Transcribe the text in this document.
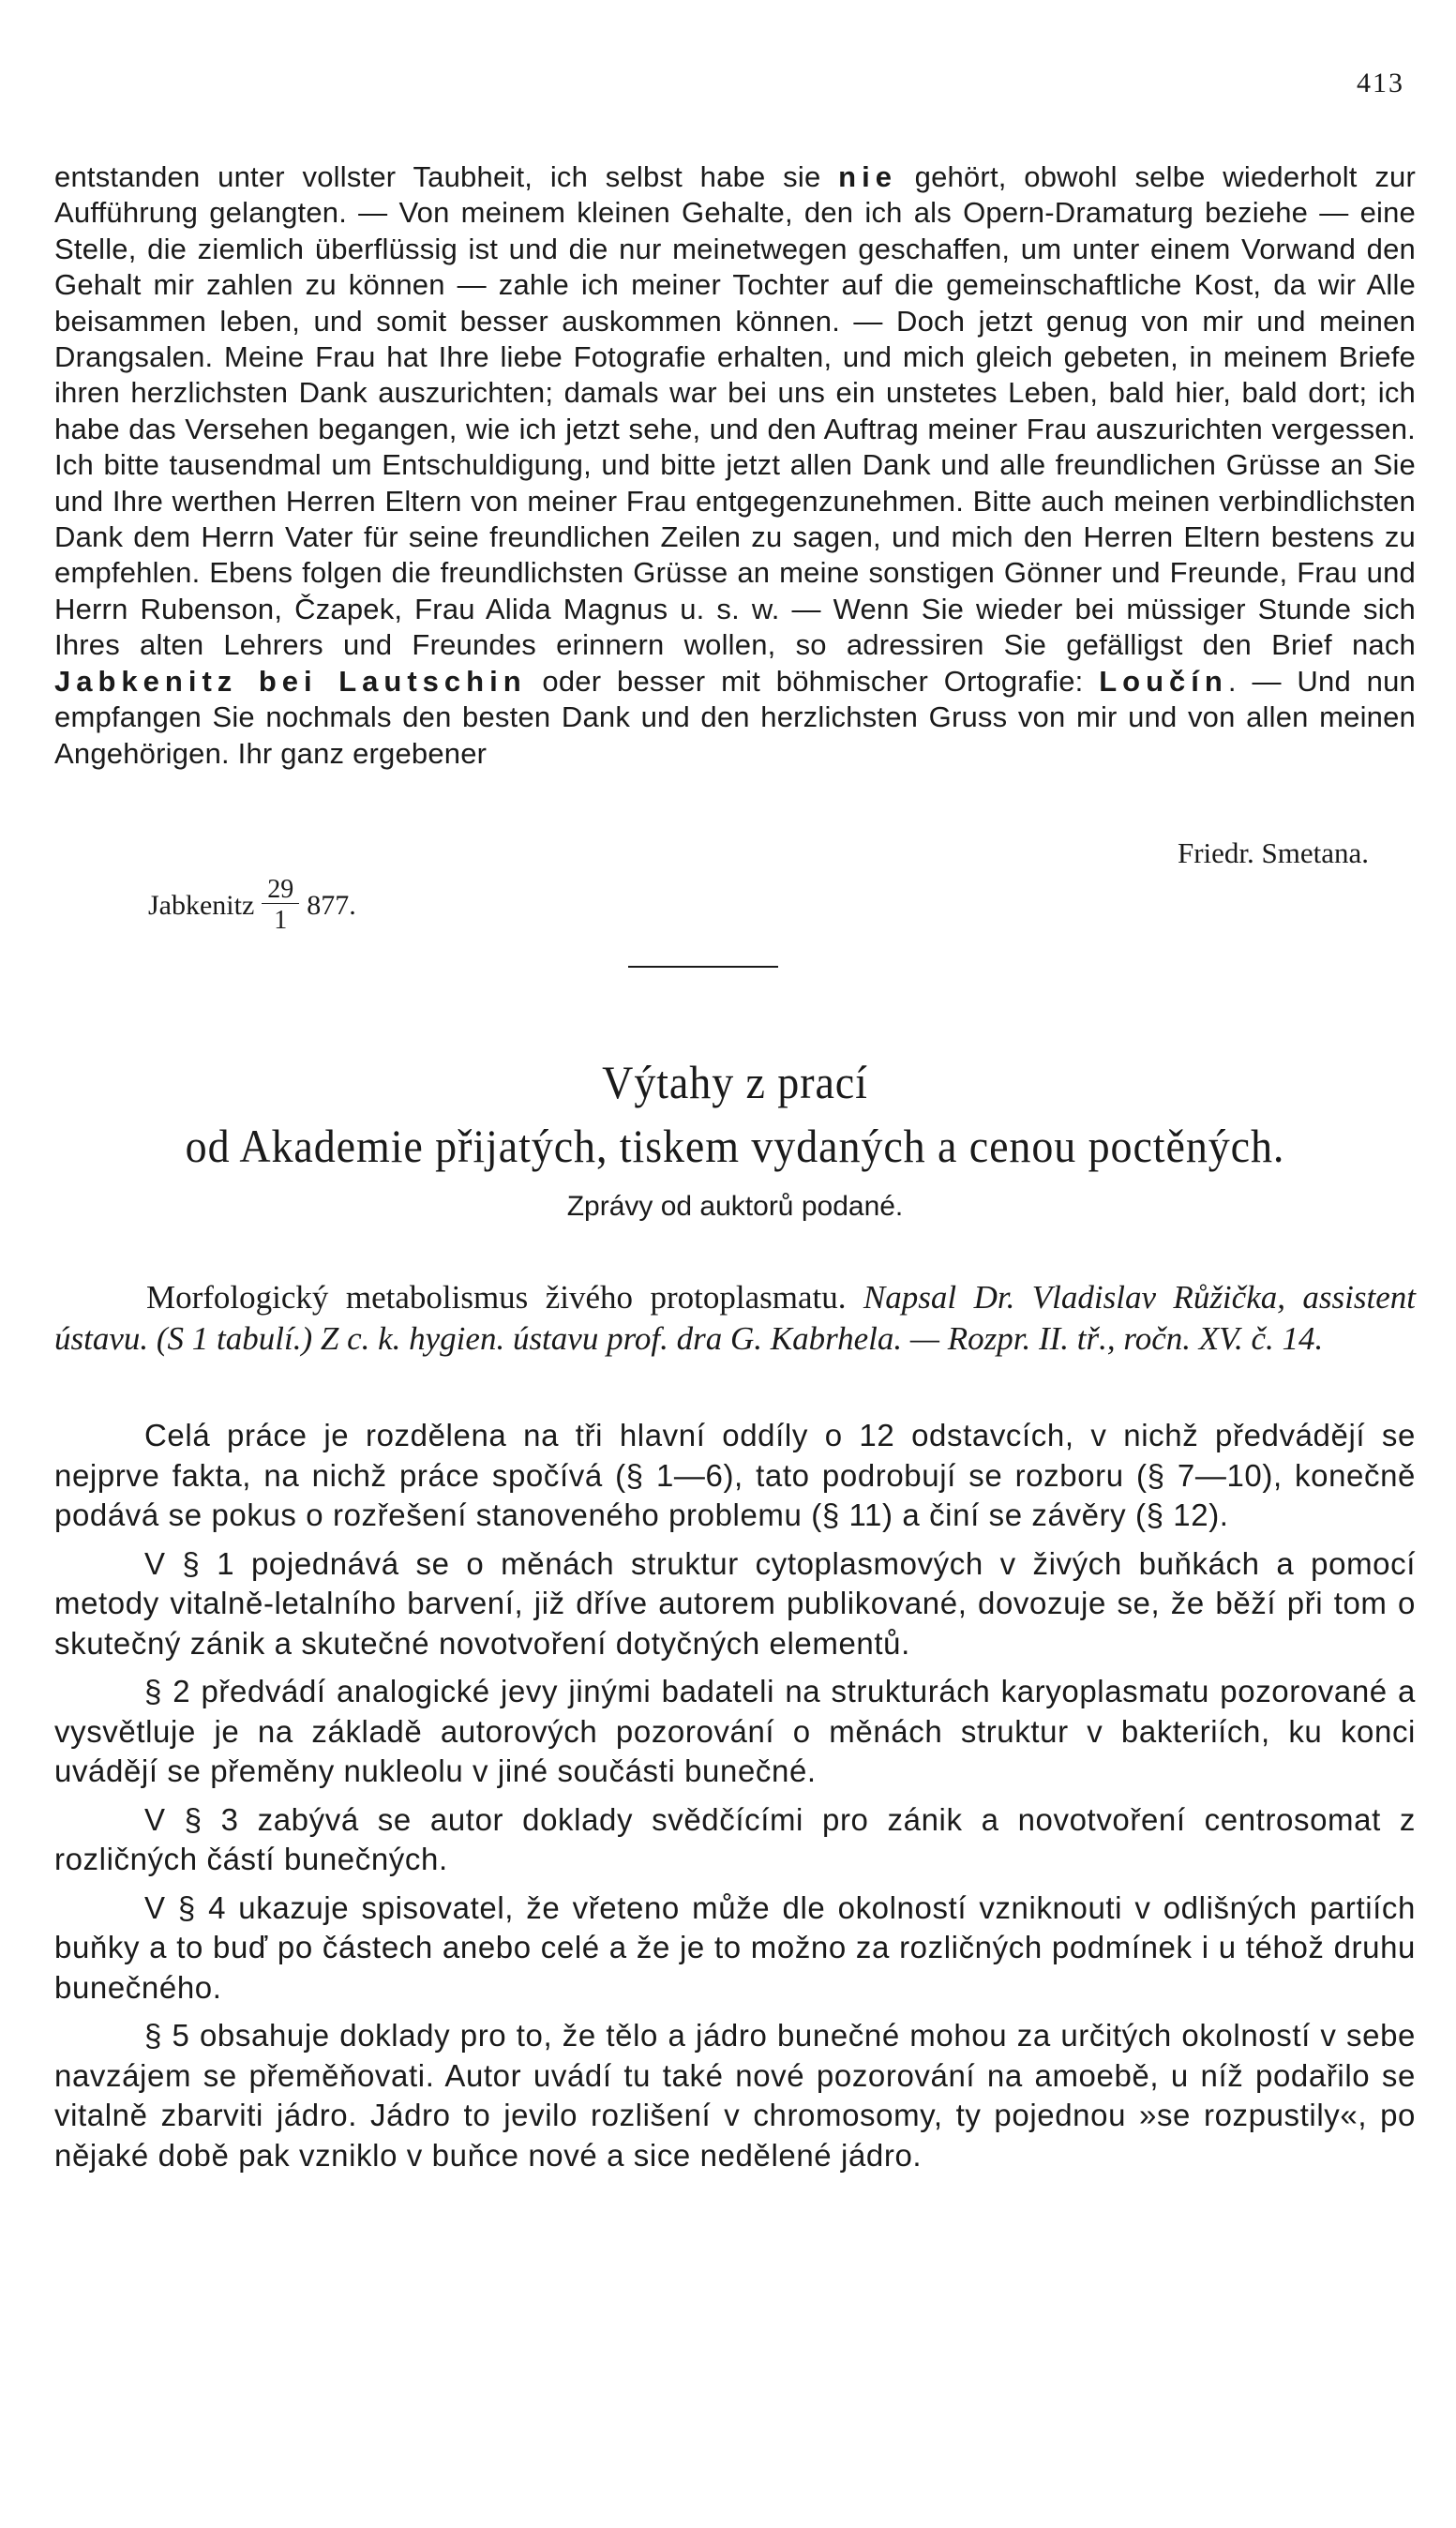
413

entstanden unter vollster Taubheit, ich selbst habe sie nie gehört, obwohl selbe wiederholt zur Aufführung gelangten. — Von meinem kleinen Gehalte, den ich als Opern-Dramaturg beziehe — eine Stelle, die ziemlich überflüssig ist und die nur meinetwegen geschaffen, um unter einem Vorwand den Gehalt mir zahlen zu können — zahle ich meiner Tochter auf die gemeinschaftliche Kost, da wir Alle beisammen leben, und somit besser auskommen können. — Doch jetzt genug von mir und meinen Drangsalen. Meine Frau hat Ihre liebe Fotografie erhalten, und mich gleich gebeten, in meinem Briefe ihren herzlichsten Dank auszurichten; damals war bei uns ein unstetes Leben, bald hier, bald dort; ich habe das Versehen begangen, wie ich jetzt sehe, und den Auftrag meiner Frau auszurichten vergessen. Ich bitte tausendmal um Entschuldigung, und bitte jetzt allen Dank und alle freundlichen Grüsse an Sie und Ihre werthen Herren Eltern von meiner Frau entgegenzunehmen. Bitte auch meinen verbindlichsten Dank dem Herrn Vater für seine freundlichen Zeilen zu sagen, und mich den Herren Eltern bestens zu empfehlen. Ebens folgen die freundlichsten Grüsse an meine sonstigen Gönner und Freunde, Frau und Herrn Rubenson, Čzapek, Frau Alida Magnus u. s. w. — Wenn Sie wieder bei müssiger Stunde sich Ihres alten Lehrers und Freundes erinnern wollen, so adressiren Sie gefälligst den Brief nach Jabkenitz bei Lautschin oder besser mit böhmischer Ortografie: Loučín. — Und nun empfangen Sie nochmals den besten Dank und den herzlichsten Gruss von mir und von allen meinen Angehörigen. Ihr ganz ergebener

Friedr. Smetana.
Jabkenitz $\frac{29}{1} 877$.
Výtahy z prací
od Akademie přijatých, tiskem vydaných a cenou poctěných.
Zprávy od auktorů podané.
Morfologický metabolismus živého protoplasmatu. Napsal Dr. Vladislav Růžička, assistent ústavu. (S 1 tabulí.) Z c. k. hygien. ústavu prof. dra G. Kabrhela. — Rozpr. II. tř., ročn. XV. č. 14.

Celá práce je rozdělena na tři hlavní oddíly o 12 odstavcích, v nichž předvádějí se nejprve fakta, na nichž práce spočívá (§ 1—6), tato podrobují se rozboru (§ 7—10), konečně podává se pokus o rozřešení stanoveného problemu (§ 11) a činí se závěry (§ 12).

V § 1 pojednává se o měnách struktur cytoplasmových v živých buňkách a pomocí metody vitalně-letalního barvení, již dříve autorem publikované, dovozuje se, že běží při tom o skutečný zánik a skutečné novotvoření dotyčných elementů.

§ 2 předvádí analogické jevy jinými badateli na strukturách karyoplasmatu pozorované a vysvětluje je na základě autorových pozorování o měnách struktur v bakteriích, ku konci uvádějí se přeměny nukleolu v jiné součásti bunečné.

V § 3 zabývá se autor doklady svědčícími pro zánik a novotvoření centrosomat z rozličných částí bunečných.

V § 4 ukazuje spisovatel, že vřeteno může dle okolností vzniknouti v odlišných partiích buňky a to buď po částech anebo celé a že je to možno za rozličných podmínek i u téhož druhu bunečného.

§ 5 obsahuje doklady pro to, že tělo a jádro bunečné mohou za určitých okolností v sebe navzájem se přeměňovati. Autor uvádí tu také nové pozorování na amoebě, u níž podařilo se vitalně zbarviti jádro. Jádro to jevilo rozlišení v chromosomy, ty pojednou »se rozpustily«, po nějaké době pak vzniklo v buňce nové a sice nedělené jádro.
